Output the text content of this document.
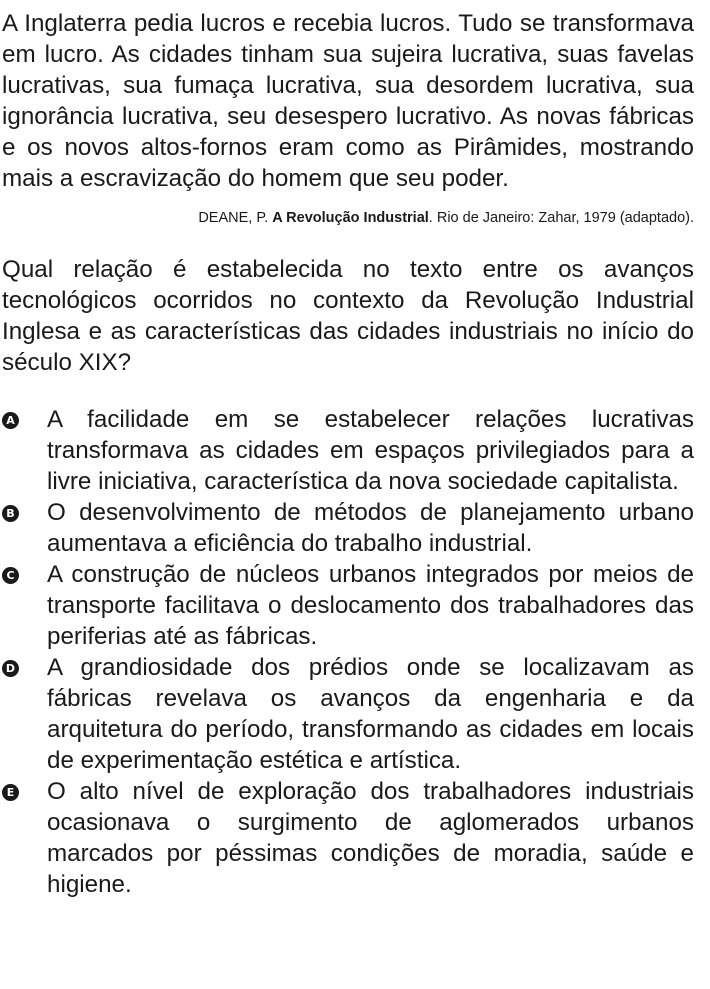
A Inglaterra pedia lucros e recebia lucros. Tudo se transformava em lucro. As cidades tinham sua sujeira lucrativa, suas favelas lucrativas, sua fumaça lucrativa, sua desordem lucrativa, sua ignorância lucrativa, seu desespero lucrativo. As novas fábricas e os novos altos-fornos eram como as Pirâmides, mostrando mais a escravização do homem que seu poder.

DEANE, P. A Revolução Industrial. Rio de Janeiro: Zahar, 1979 (adaptado).

Qual relação é estabelecida no texto entre os avanços tecnológicos ocorridos no contexto da Revolução Industrial Inglesa e as características das cidades industriais no início do século XIX?

A A facilidade em se estabelecer relações lucrativas transformava as cidades em espaços privilegiados para a livre iniciativa, característica da nova sociedade capitalista.

B O desenvolvimento de métodos de planejamento urbano aumentava a eficiência do trabalho industrial.

C A construção de núcleos urbanos integrados por meios de transporte facilitava o deslocamento dos trabalhadores das periferias até as fábricas.

D A grandiosidade dos prédios onde se localizavam as fábricas revelava os avanços da engenharia e da arquitetura do período, transformando as cidades em locais de experimentação estética e artística.

E O alto nível de exploração dos trabalhadores industriais ocasionava o surgimento de aglomerados urbanos marcados por péssimas condições de moradia, saúde e higiene.
